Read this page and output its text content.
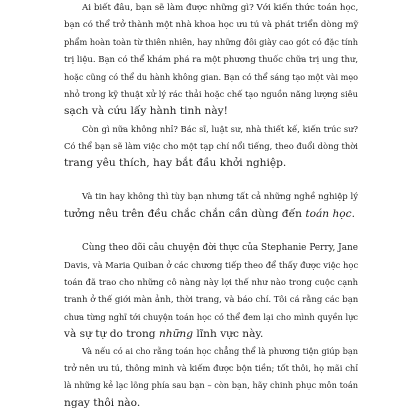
Ai biết đâu, bạn sẽ làm được những gì? Với kiến thức toán học,
bạn có thể trở thành một nhà khoa học ưu tú và phát triển dòng mỹ
phẩm hoàn toàn từ thiên nhiên, hay những đôi giày cao gót có đặc tính
trị liệu. Bạn có thể khám phá ra một phương thuốc chữa trị ung thư,
hoặc cũng có thể du hành không gian. Bạn có thể sáng tạo một vài mẹo
nhỏ trong kỹ thuật xử lý rác thải hoặc chế tạo nguồn năng lượng siêu
sạch và cứu lấy hành tinh này!

Còn gì nữa không nhỉ? Bác sĩ, luật sư, nhà thiết kế, kiến trúc sư?
Có thể bạn sẽ làm việc cho một tạp chí nổi tiếng, theo đuổi dòng thời
trang yêu thích, hay bắt đầu khởi nghiệp.

Và tin hay không thì tùy bạn nhưng tất cả những nghề nghiệp lý
tưởng nêu trên đều chắc chắn cần dùng đến toán học.

Cùng theo dõi câu chuyện đời thực của Stephanie Perry, Jane
Davis, và Maria Quiban ở các chương tiếp theo để thấy được việc học
toán đã trao cho những cô nàng này lợi thế như nào trong cuộc cạnh
tranh ở thế giới màn ảnh, thời trang, và báo chí. Tôi cá rằng các bạn
chưa từng nghĩ tới chuyện toán học có thể đem lại cho mình quyền lực
và sự tự do trong những lĩnh vực này.

Và nếu có ai cho rằng toán học chẳng thể là phương tiện giúp bạn
trở nên ưu tú, thông minh và kiếm được bộn tiền; tốt thôi, họ mãi chỉ
là những kẻ lạc lõng phía sau bạn – còn bạn, hãy chinh phục môn toán
ngay thôi nào.
